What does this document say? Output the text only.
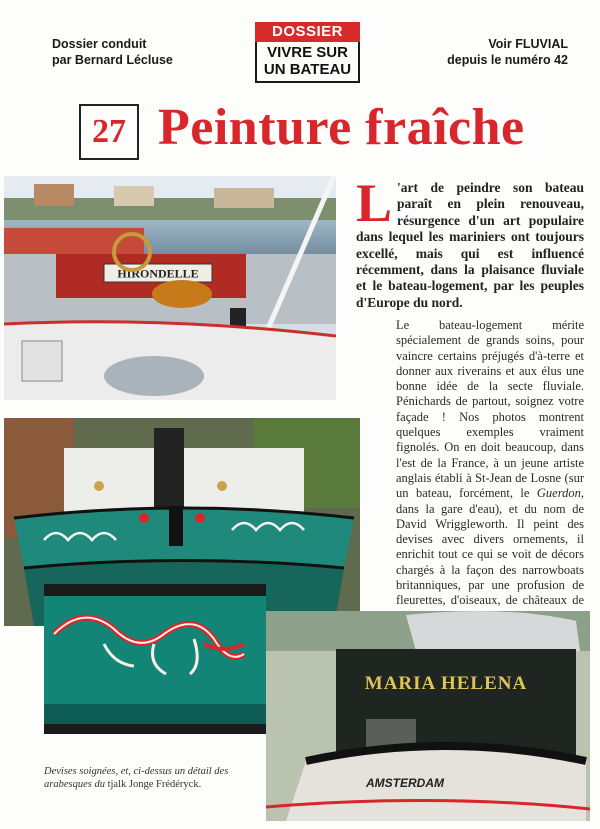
Dossier conduit
par Bernard Lécluse
DOSSIER
VIVRE SUR
UN BATEAU
Voir FLUVIAL
depuis le numéro 42
27 Peinture fraîche
HIRONDELLE
L 'art de peindre son bateau paraît en plein renouveau, résurgence d'un art populaire dans lequel les mariniers ont toujours excellé, mais qui est influencé récemment, dans la plaisance fluviale et le bateau-logement, par les peuples d'Europe du nord.
Le bateau-logement mérite spécialement de grands soins, pour vaincre certains préjugés d'à-terre et donner aux riverains et aux élus une bonne idée de la secte fluviale. Pénichards de partout, soignez votre façade ! Nos photos montrent quelques exemples vraiment fignolés. On en doit beaucoup, dans l'est de la France, à un jeune artiste anglais établi à St-Jean de Losne (sur un bateau, forcément, le Guerdon, dans la gare d'eau), et du nom de David Wriggleworth. Il peint des devises avec divers ornements, il enrichit tout ce qui se voit de décors chargés à la façon des narrowboats britanniques, par une profusion de fleurettes, d'oiseaux, de châteaux de
MARIA HELENA
AMSTERDAM
Devises soignées, et, ci-dessus un détail des arabesques du tjalk Jonge Frédéryck.
